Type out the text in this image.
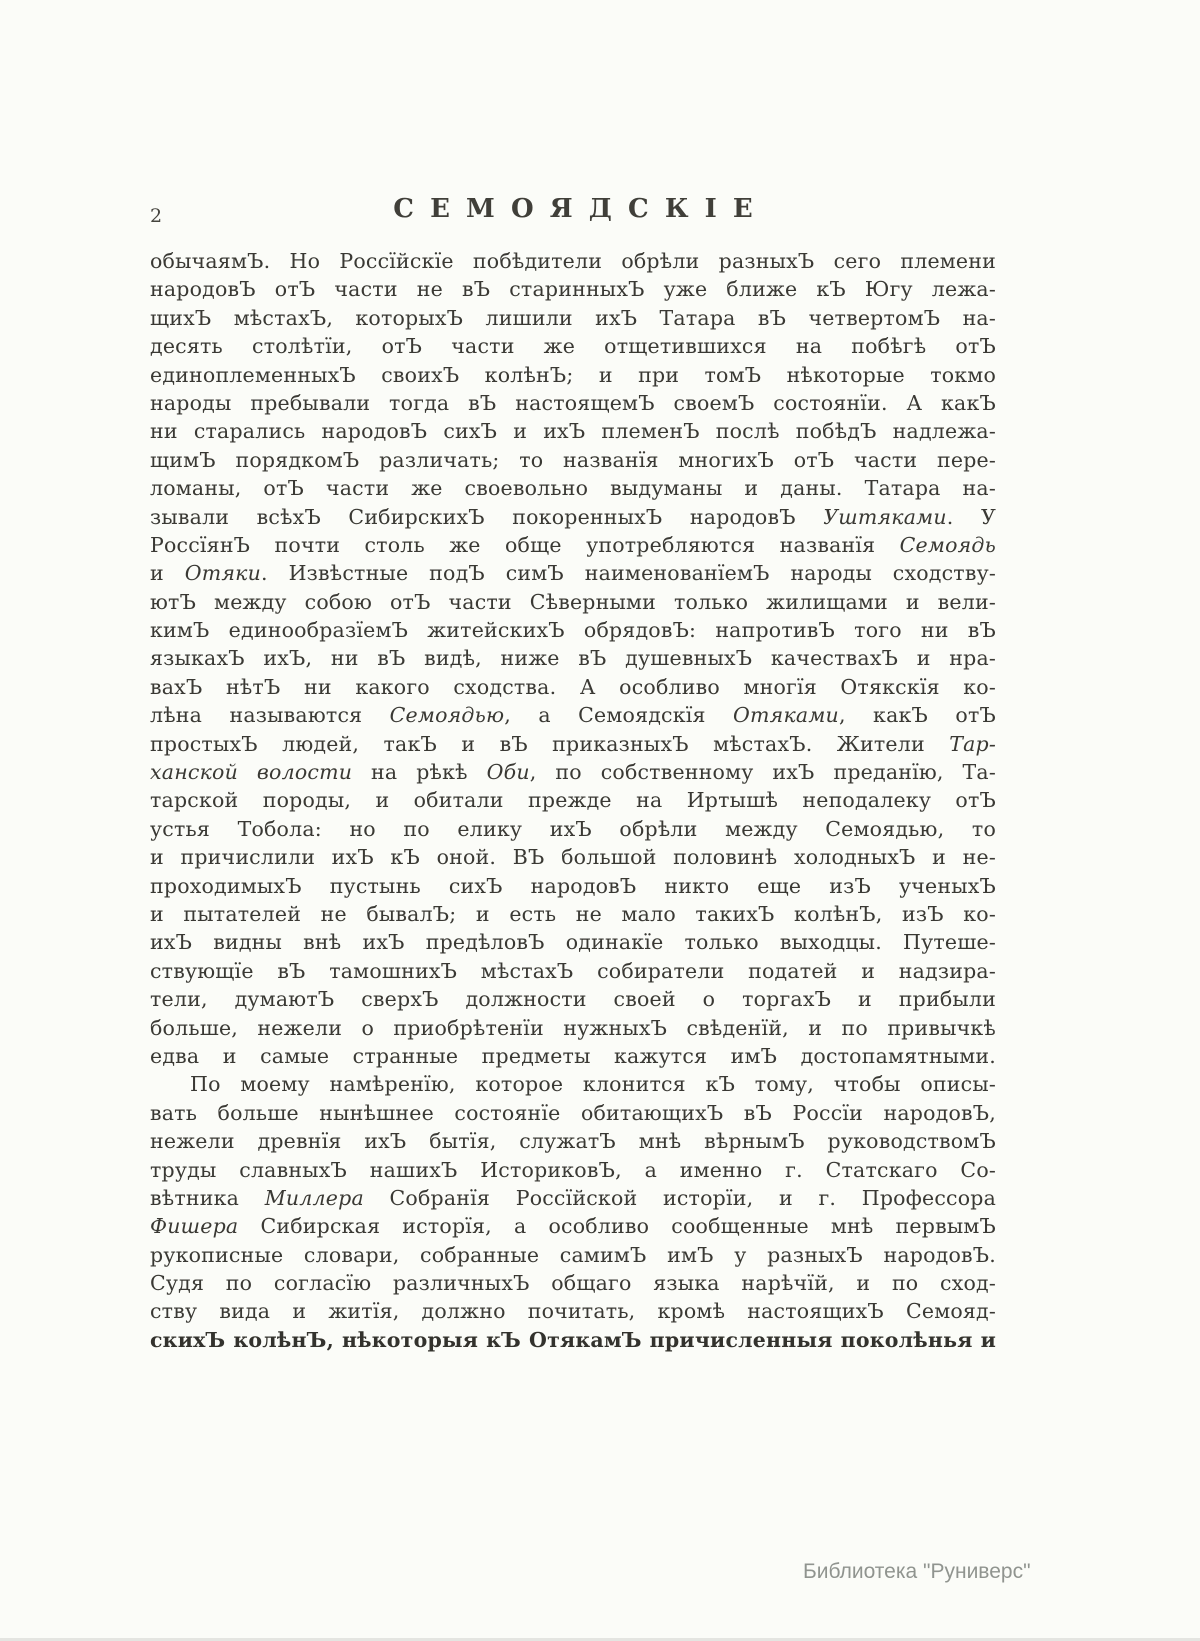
2	СЕМОЯДСКІЕ
обычаямЪ. Но Россїйскїе побѣдители обрѣли разныхЪ сего племени
народовЪ отЪ части не вЪ старинныхЪ уже ближе кЪ Югу лежа-
щихЪ мѣстахЪ, которыхЪ лишили ихЪ Татара вЪ четвертомЪ на-
десять столѣтїи, отЪ части же отщетившихся на побѣгѣ отЪ
единоплеменныхЪ своихЪ колѣнЪ; и при томЪ нѣкоторые токмо
народы пребывали тогда вЪ настоящемЪ своемЪ состоянїи. А какЪ
ни старались народовЪ сихЪ и ихЪ племенЪ послѣ побѣдЪ надлежа-
щимЪ порядкомЪ различать; то названїя многихЪ отЪ части пере-
ломаны, отЪ части же своевольно выдуманы и даны. Татара на-
зывали всѣхЪ СибирскихЪ покоренныхЪ народовЪ Уштяками. У
РоссїянЪ почти столь же обще употребляются названїя Семоядь
и Отяки. Извѣстные подЪ симЪ наименованїемЪ народы сходству-
ютЪ между собою отЪ части Сѣверными только жилищами и вели-
кимЪ единообразїемЪ житейскихЪ обрядовЪ: напротивЪ того ни вЪ
языкахЪ ихЪ, ни вЪ видѣ, ниже вЪ душевныхЪ качествахЪ и нра-
вахЪ нѣтЪ ни какого сходства. А особливо многїя Отякскїя ко-
лѣна называются Семоядью, а Семоядскїя Отяками, какЪ отЪ
простыхЪ людей, такЪ и вЪ приказныхЪ мѣстахЪ. Жители Тар-
ханской волости на рѣкѣ Оби, по собственному ихЪ преданїю, Та-
тарской породы, и обитали прежде на Иртышѣ неподалеку отЪ
устья Тобола: но по елику ихЪ обрѣли между Семоядью, то
и причислили ихЪ кЪ оной. ВЪ большой половинѣ холодныхЪ и не-
проходимыхЪ пустынь сихЪ народовЪ никто еще изЪ ученыхЪ
и пытателей не бывалЪ; и есть не мало такихЪ колѣнЪ, изЪ ко-
ихЪ видны внѣ ихЪ предѣловЪ одинакїе только выходцы. Путеше-
ствующїе вЪ тамошнихЪ мѣстахЪ собиратели податей и надзира-
тели, думаютЪ сверхЪ должности своей о торгахЪ и прибыли
больше, нежели о приобрѣтенїи нужныхЪ свѣденїй, и по привычкѣ
едва и самые странные предметы кажутся имЪ достопамятными.
По моему намѣренїю, которое клонится кЪ тому, чтобы описы-
вать больше нынѣшнее состоянїе обитающихЪ вЪ Россїи народовЪ,
нежели древнїя ихЪ бытїя, служатЪ мнѣ вѣрнымЪ руководствомЪ
труды славныхЪ нашихЪ ИсториковЪ, а именно г. Статскаго Со-
вѣтника Миллера Собранїя Россїйской исторїи, и г. Профессора
Фишера Сибирская исторїя, а особливо сообщенные мнѣ первымЪ
рукописные словари, собранные самимЪ имЪ у разныхЪ народовЪ.
Судя по согласїю различныхЪ общаго языка нарѣчїй, и по сход-
ству вида и житїя, должно почитать, кромѣ настоящихЪ Семояд-
скихЪ колѣнЪ, нѣкоторыя кЪ ОтякамЪ причисленныя поколѣнья и
Библиотека "Руниверс"
